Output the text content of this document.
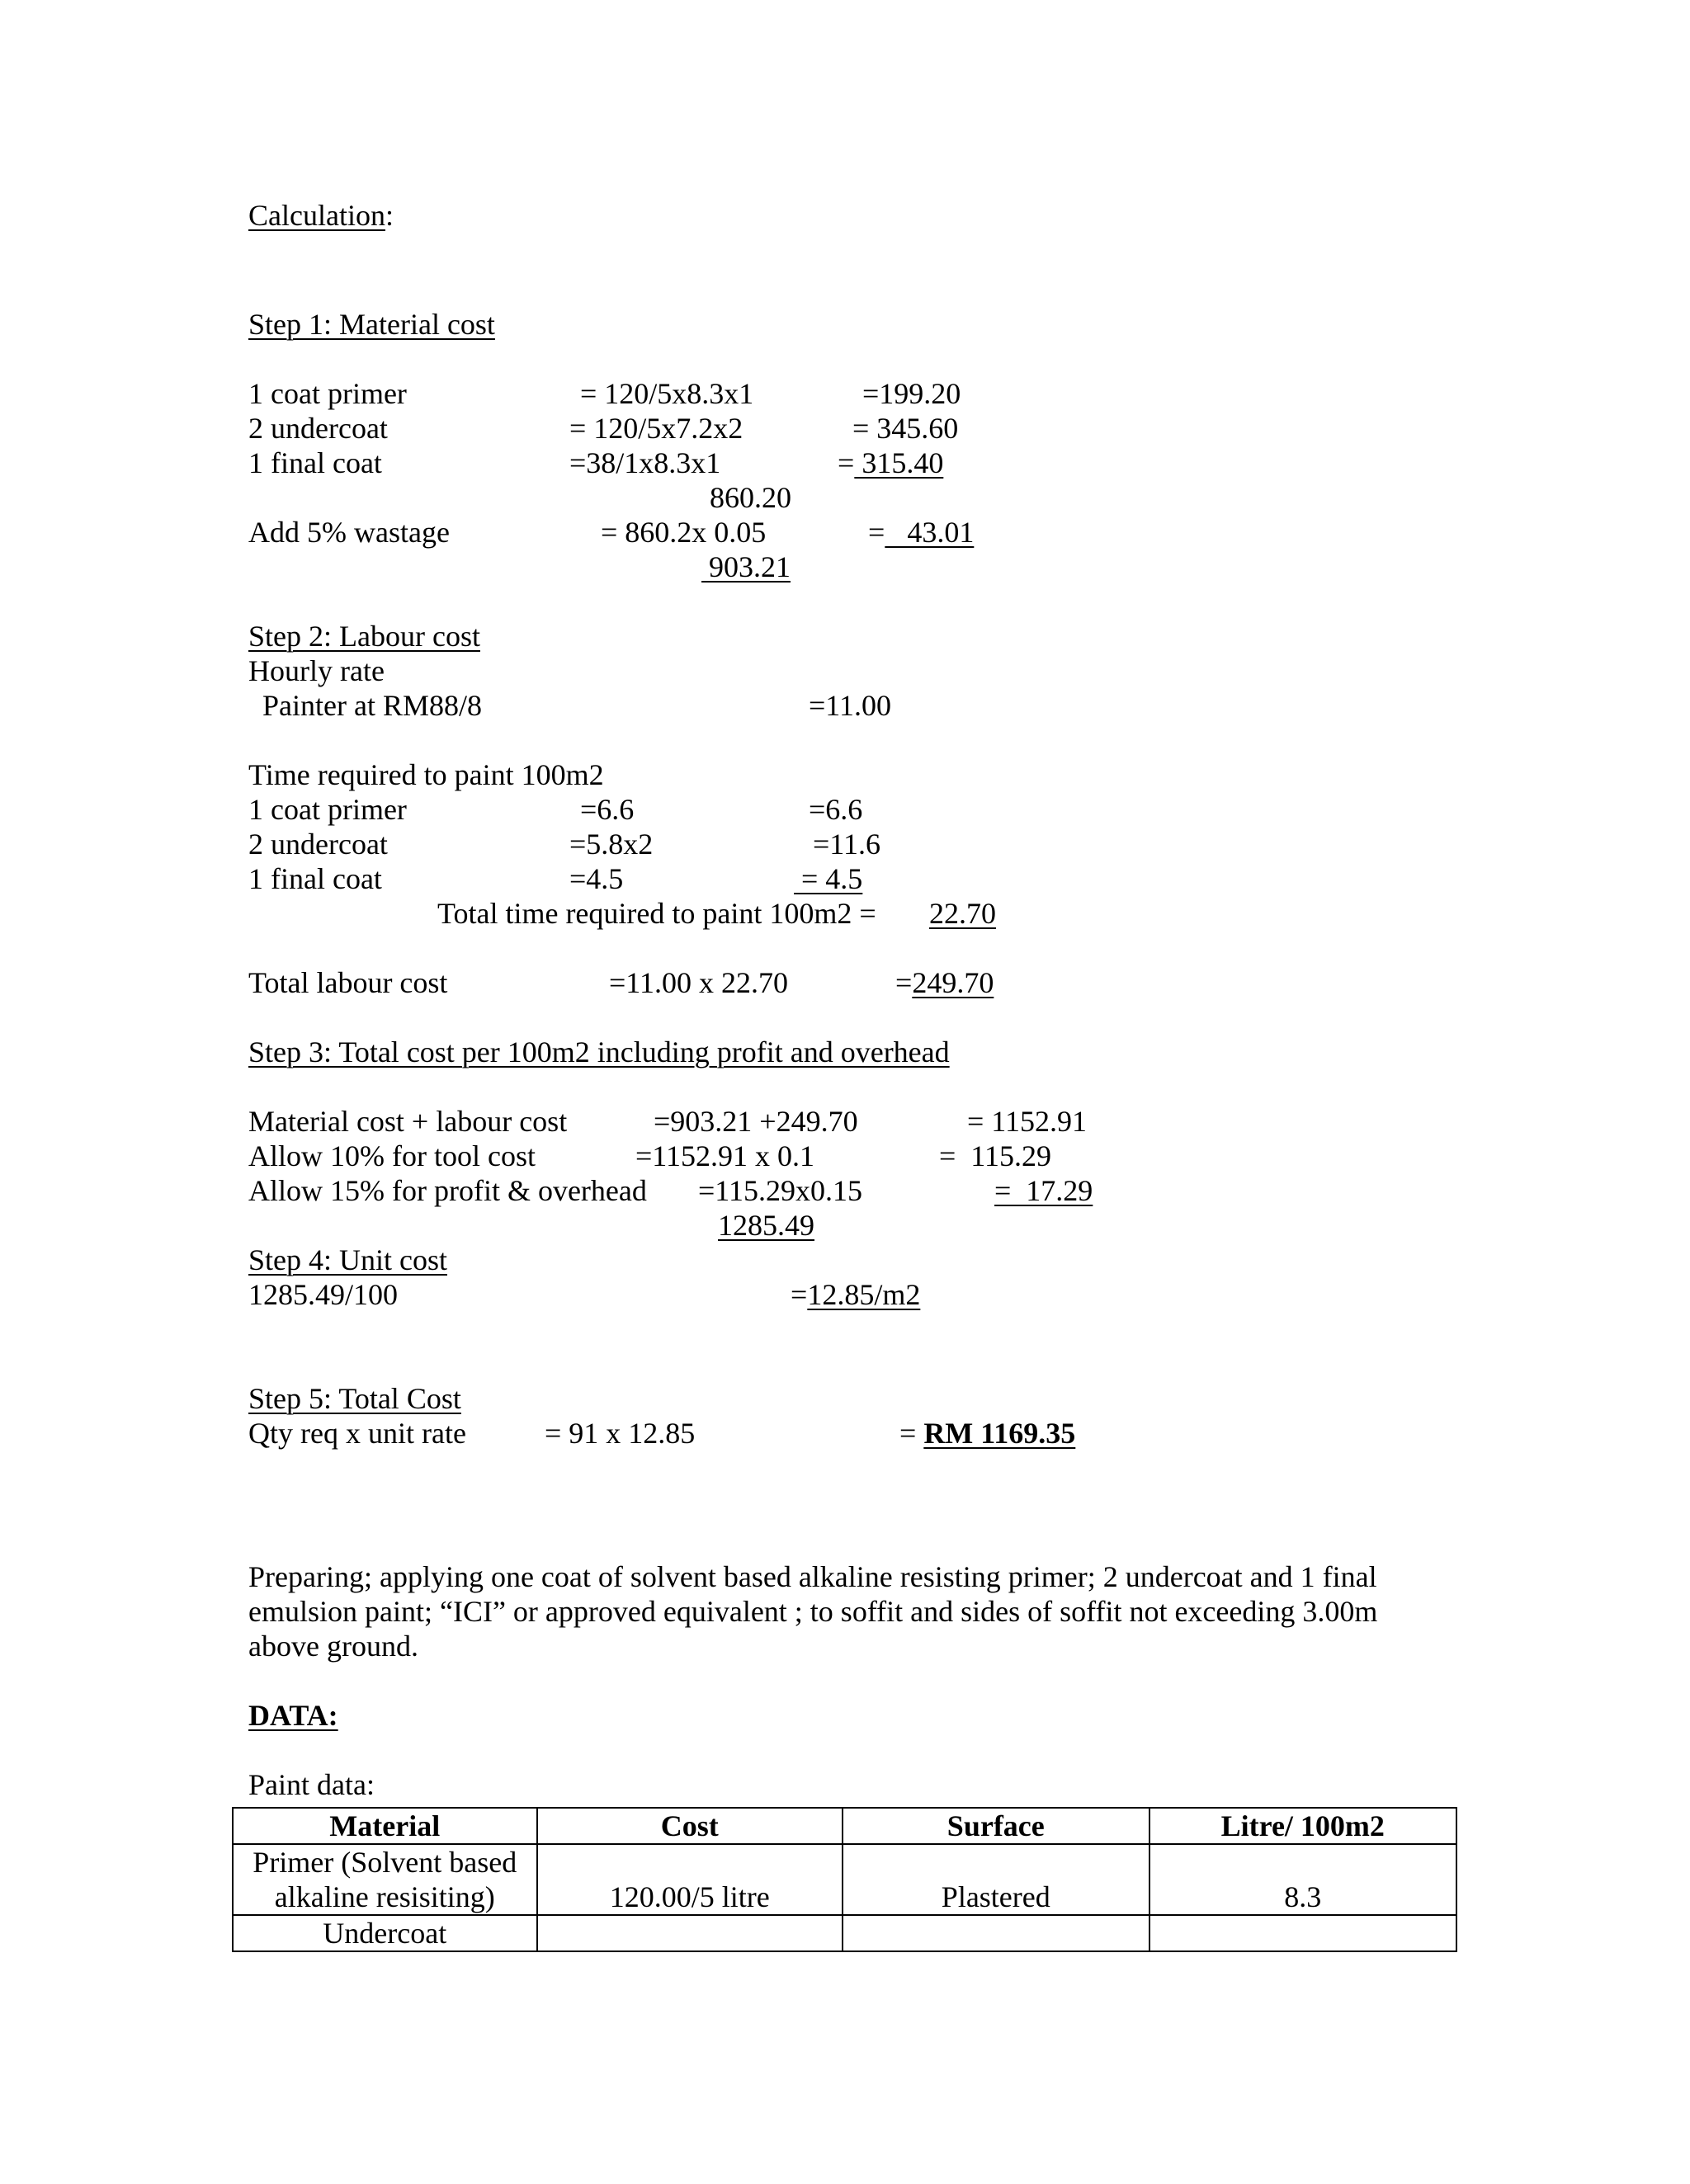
Calculation:
Step 1: Material cost
1 coat primer	= 120/5x8.3x1	=199.20
2 undercoat	= 120/5x7.2x2	= 345.60
1 final coat	=38/1x8.3x1	= 315.40
860.20
Add 5% wastage	= 860.2x 0.05	=   43.01
903.21
Step 2: Labour cost
Hourly rate
Painter at RM88/8	=11.00
Time required to paint 100m2
1 coat primer	=6.6	=6.6
2 undercoat	=5.8x2	=11.6
1 final coat	=4.5	= 4.5
Total time required to paint 100m2 = 22.70
Total labour cost	=11.00 x 22.70	=249.70
Step 3: Total cost per 100m2 including profit and overhead
Material cost + labour cost	=903.21 +249.70	= 1152.91
Allow 10% for tool cost	=1152.91 x 0.1	=  115.29
Allow 15% for profit & overhead =115.29x0.15	=  17.29
1285.49
Step 4: Unit cost
1285.49/100	=12.85/m2
Step 5: Total Cost
Qty req x unit rate	= 91 x 12.85	= RM 1169.35
Preparing; applying one coat of solvent based alkaline resisting primer; 2 undercoat and 1 final emulsion paint; “ICI” or approved equivalent ; to soffit and sides of soffit not exceeding 3.00m above ground.
DATA:
Paint data:
Material	Cost	Surface	Litre/ 100m2
Primer (Solvent based alkaline resisiting)	120.00/5 litre	Plastered	8.3
Undercoat			
